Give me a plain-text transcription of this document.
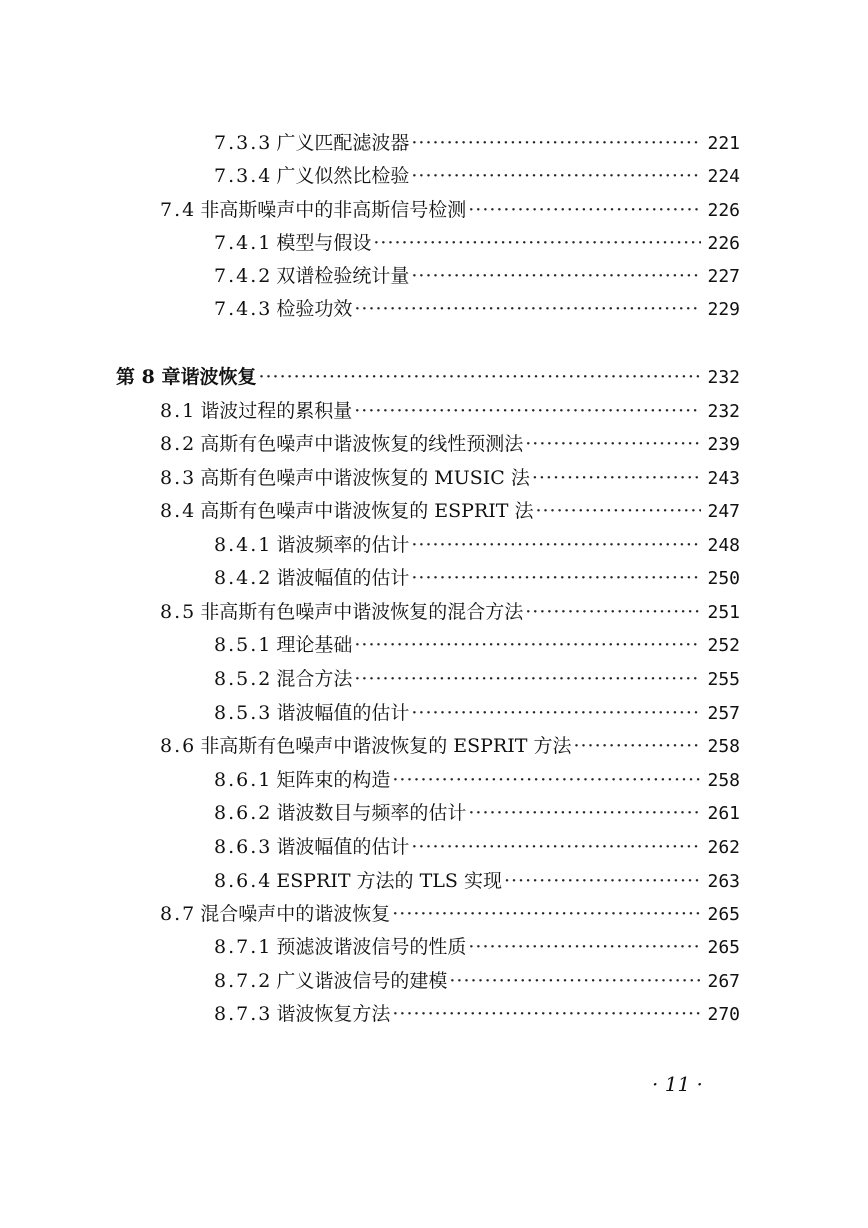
7.3.3 广义匹配滤波器 ·····	221
7.3.4 广义似然比检验 ·····	224
7.4 非高斯噪声中的非高斯信号检测 ·····	226
7.4.1 模型与假设 ·····	226
7.4.2 双谱检验统计量 ·····	227
7.4.3 检验功效 ·····	229
第 8 章 谐波恢复 ·····	232
8.1 谐波过程的累积量 ·····	232
8.2 高斯有色噪声中谐波恢复的线性预测法 ·····	239
8.3 高斯有色噪声中谐波恢复的 MUSIC 法 ·····	243
8.4 高斯有色噪声中谐波恢复的 ESPRIT 法 ·····	247
8.4.1 谐波频率的估计 ·····	248
8.4.2 谐波幅值的估计 ·····	250
8.5 非高斯有色噪声中谐波恢复的混合方法 ·····	251
8.5.1 理论基础 ·····	252
8.5.2 混合方法 ·····	255
8.5.3 谐波幅值的估计 ·····	257
8.6 非高斯有色噪声中谐波恢复的 ESPRIT 方法 ·····	258
8.6.1 矩阵束的构造 ·····	258
8.6.2 谐波数目与频率的估计 ·····	261
8.6.3 谐波幅值的估计 ·····	262
8.6.4 ESPRIT 方法的 TLS 实现 ·····	263
8.7 混合噪声中的谐波恢复 ·····	265
8.7.1 预滤波谐波信号的性质 ·····	265
8.7.2 广义谐波信号的建模 ·····	267
8.7.3 谐波恢复方法 ·····	270
· 11 ·
